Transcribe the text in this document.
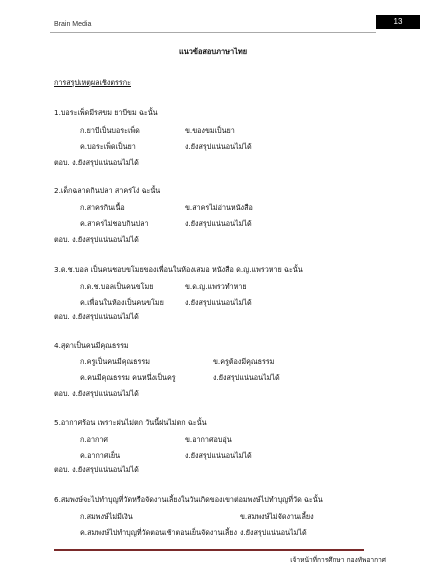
Brain Media	13
แนวข้อสอบภาษาไทย
การสรุปเหตุผลเชิงตรรกะ
1.บอระเพ็ดมีรสขม ยาบีขม ฉะนั้น
ก.ยาบีเป็นบอระเพ็ด	ข.ของขมเป็นยา
ค.บอระเพ็ดเป็นยา	ง.ยังสรุปแน่นอนไม่ได้
ตอบ. ง.ยังสรุปแน่นอนไม่ได้
2.เด็กฉลาดกินปลา สาคร่โง่ ฉะนั้น
ก.สาครกินเนื้อ	ข.สาครไม่อ่านหนังสือ
ค.สาครไม่ชอบกินปลา	ง.ยังสรุปแน่นอนไม่ได้
ตอบ. ง.ยังสรุปแน่นอนไม่ได้
3.ด.ช.บอล เป็นคนชอบขโมยของเพื่อนในห้องเสมอ หนังสือ ด.ญ.แพรวหาย ฉะนั้น
ก.ด.ช.บอลเป็นคนขโมย	ข.ด.ญ.แพรวทำหาย
ค.เพื่อนในห้องเป็นคนขโมย	ง.ยังสรุปแน่นอนไม่ได้
ตอบ. ง.ยังสรุปแน่นอนไม่ได้
4.สุดาเป็นคนมีคุณธรรม
ก.ครูเป็นคนมีคุณธรรม	ข.ครูต้องมีคุณธรรม
ค.คนมีคุณธรรม คนหนึ่งเป็นครู	ง.ยังสรุปแน่นอนไม่ได้
ตอบ. ง.ยังสรุปแน่นอนไม่ได้
5.อากาศร้อน เพราะฝนไม่ตก วันนี้ฝนไม่ตก ฉะนั้น
ก.อากาศ	ข.อากาศอบอุ่น
ค.อากาศเย็น	ง.ยังสรุปแน่นอนไม่ได้
ตอบ. ง.ยังสรุปแน่นอนไม่ได้
6.สมพงษ์จะไปทำบุญที่วัดหรือจัดงานเลี้ยงในวันเกิดของเขาต่อมพงษ์ไปทำบุญที่วัด ฉะนั้น
ก.สมพงษ์ไม่มีเงิน	ข.สมพงษ์ไม่จัดงานเลี้ยง
ค.สมพงษ์ไปทำบุญที่วัดตอนเช้าตอนเย็นจัดงานเลี้ยง ง.ยังสรุปแน่นอนไม่ได้
เจ้าหน้าที่การศึกษา กองทัพอากาศ
